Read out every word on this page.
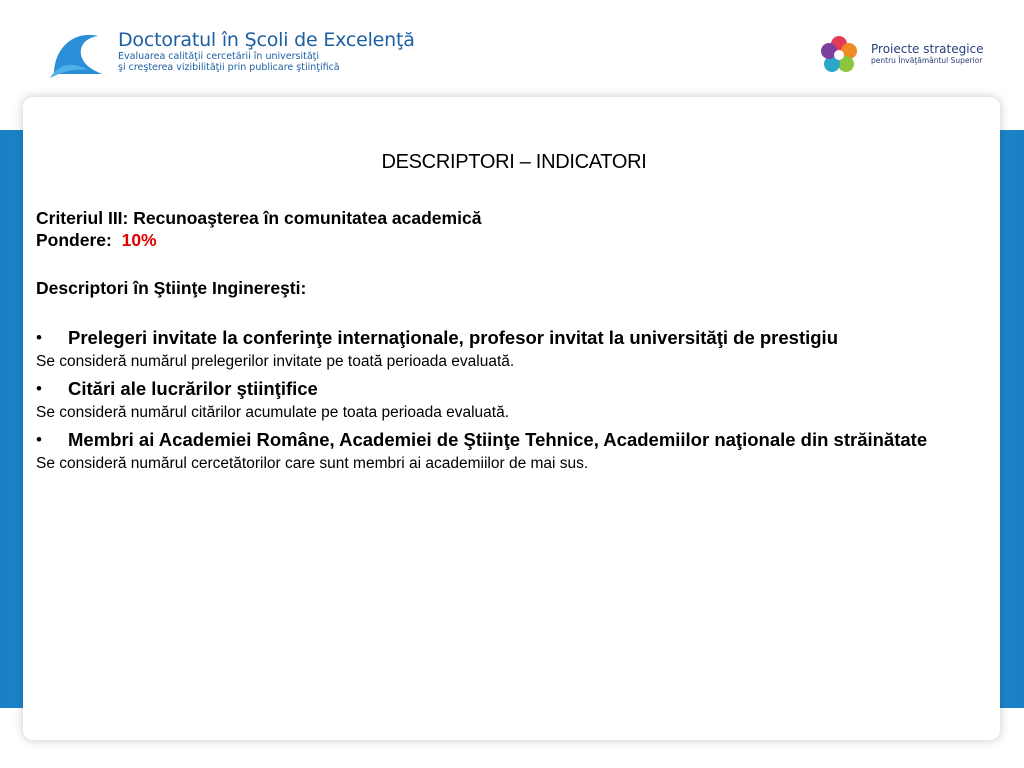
Doctoratul în Şcoli de Excelenţă
Evaluarea calităţii cercetării în universităţi
şi creşterea vizibilităţii prin publicare ştiinţifică
Proiecte strategice
pentru Învăţământul Superior
DESCRIPTORI – INDICATORI
Criteriul III: Recunoaşterea în comunitatea academică
Pondere: 10%
Descriptori în Ştiinţe Inginereşti:
•	Prelegeri invitate la conferinţe internaţionale, profesor invitat la universităţi de prestigiu
Se consideră numărul prelegerilor invitate pe toată perioada evaluată.
•	Citări ale lucrărilor ştiinţifice
Se consideră numărul citărilor acumulate pe toata perioada evaluată.
•	Membri ai Academiei Române, Academiei de Ştiinţe Tehnice, Academiilor naţionale din străinătate
Se consideră numărul cercetătorilor care sunt membri ai academiilor de mai sus.
